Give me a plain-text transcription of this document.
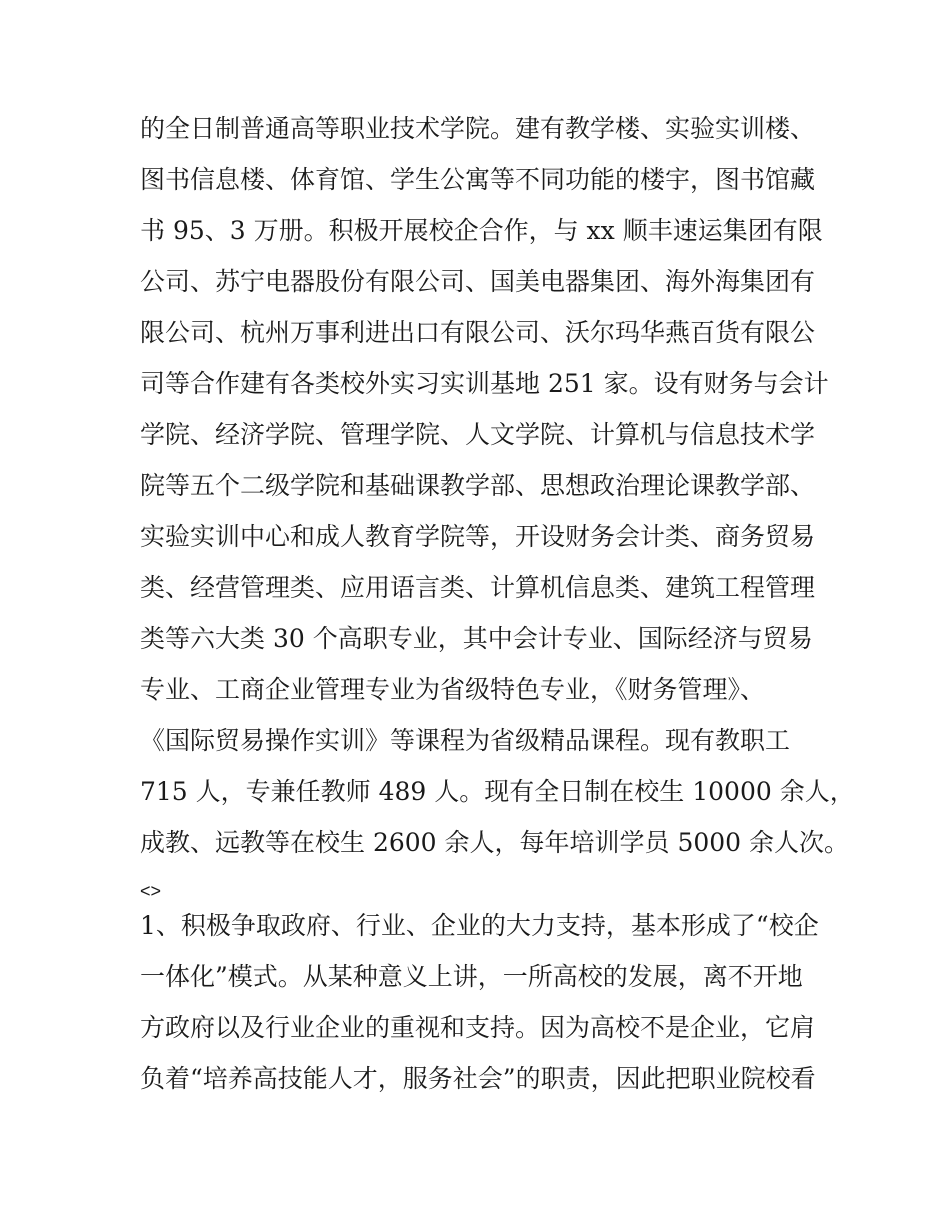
的全日制普通高等职业技术学院。建有教学楼、实验实训楼、
图书信息楼、体育馆、学生公寓等不同功能的楼宇，图书馆藏
书 95、3 万册。积极开展校企合作，与 xx 顺丰速运集团有限
公司、苏宁电器股份有限公司、国美电器集团、海外海集团有
限公司、杭州万事利进出口有限公司、沃尔玛华燕百货有限公
司等合作建有各类校外实习实训基地 251 家。设有财务与会计
学院、经济学院、管理学院、人文学院、计算机与信息技术学
院等五个二级学院和基础课教学部、思想政治理论课教学部、
实验实训中心和成人教育学院等，开设财务会计类、商务贸易
类、经营管理类、应用语言类、计算机信息类、建筑工程管理
类等六大类 30 个高职专业，其中会计专业、国际经济与贸易
专业、工商企业管理专业为省级特色专业，《财务管理》、
《国际贸易操作实训》等课程为省级精品课程。现有教职工
715 人，专兼任教师 489 人。现有全日制在校生 10000 余人，
成教、远教等在校生 2600 余人，每年培训学员 5000 余人次。
<>
1、积极争取政府、行业、企业的大力支持，基本形成了“校企
一体化”模式。从某种意义上讲，一所高校的发展，离不开地
方政府以及行业企业的重视和支持。因为高校不是企业，它肩
负着“培养高技能人才，服务社会”的职责，因此把职业院校看
